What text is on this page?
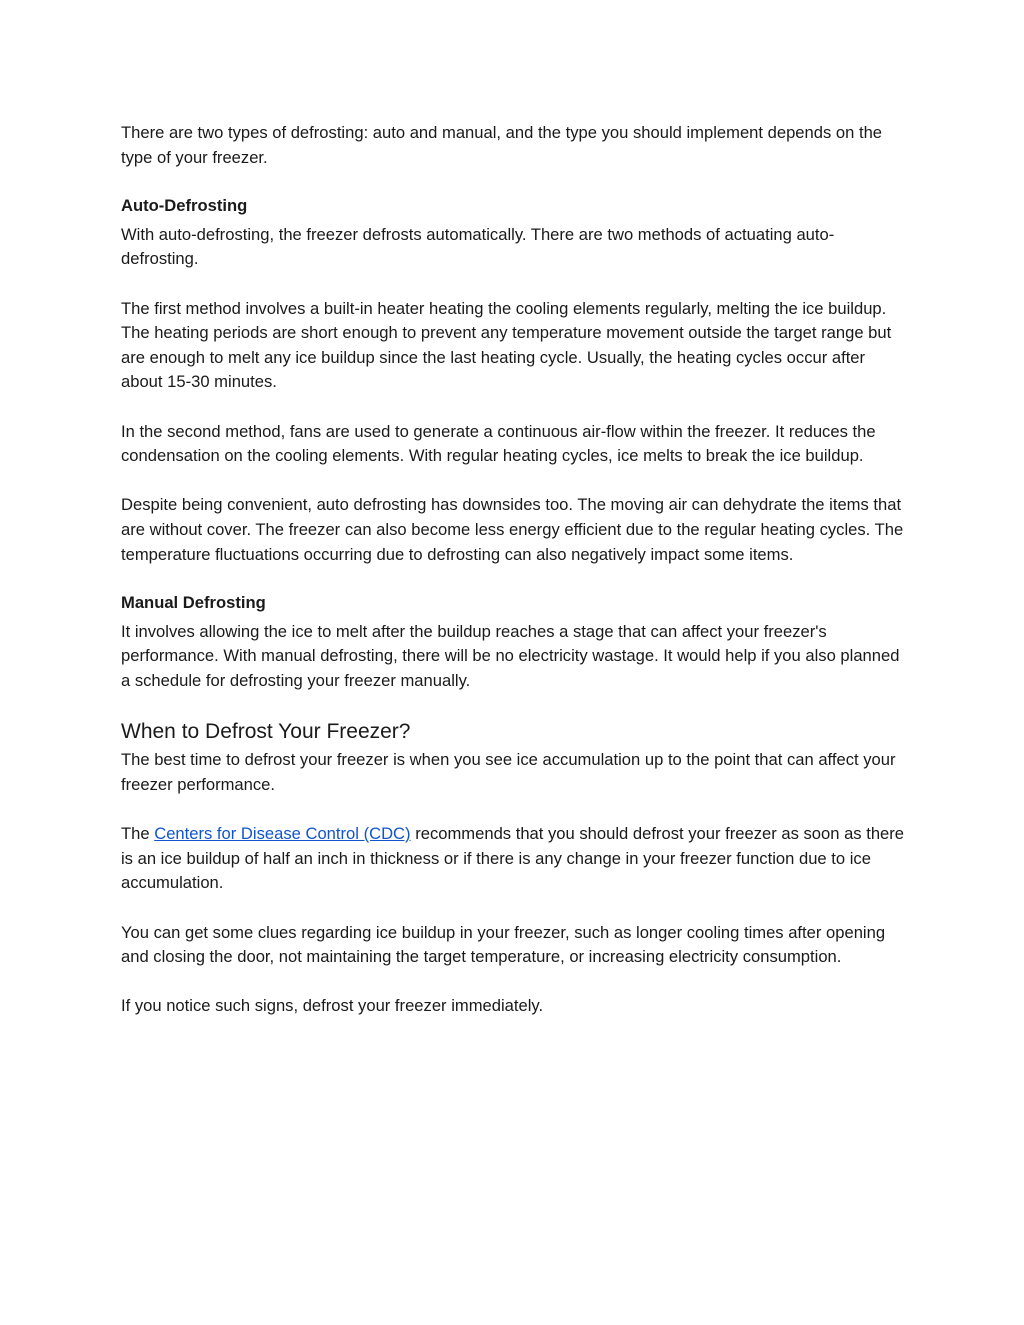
There are two types of defrosting: auto and manual, and the type you should implement depends on the type of your freezer.

Auto-Defrosting

With auto-defrosting, the freezer defrosts automatically. There are two methods of actuating auto-defrosting.

The first method involves a built-in heater heating the cooling elements regularly, melting the ice buildup. The heating periods are short enough to prevent any temperature movement outside the target range but are enough to melt any ice buildup since the last heating cycle. Usually, the heating cycles occur after about 15-30 minutes.

In the second method, fans are used to generate a continuous air-flow within the freezer. It reduces the condensation on the cooling elements. With regular heating cycles, ice melts to break the ice buildup.

Despite being convenient, auto defrosting has downsides too. The moving air can dehydrate the items that are without cover. The freezer can also become less energy efficient due to the regular heating cycles. The temperature fluctuations occurring due to defrosting can also negatively impact some items.

Manual Defrosting

It involves allowing the ice to melt after the buildup reaches a stage that can affect your freezer's performance. With manual defrosting, there will be no electricity wastage. It would help if you also planned a schedule for defrosting your freezer manually.

When to Defrost Your Freezer?

The best time to defrost your freezer is when you see ice accumulation up to the point that can affect your freezer performance.

The Centers for Disease Control (CDC) recommends that you should defrost your freezer as soon as there is an ice buildup of half an inch in thickness or if there is any change in your freezer function due to ice accumulation.

You can get some clues regarding ice buildup in your freezer, such as longer cooling times after opening and closing the door, not maintaining the target temperature, or increasing electricity consumption.

If you notice such signs, defrost your freezer immediately.
